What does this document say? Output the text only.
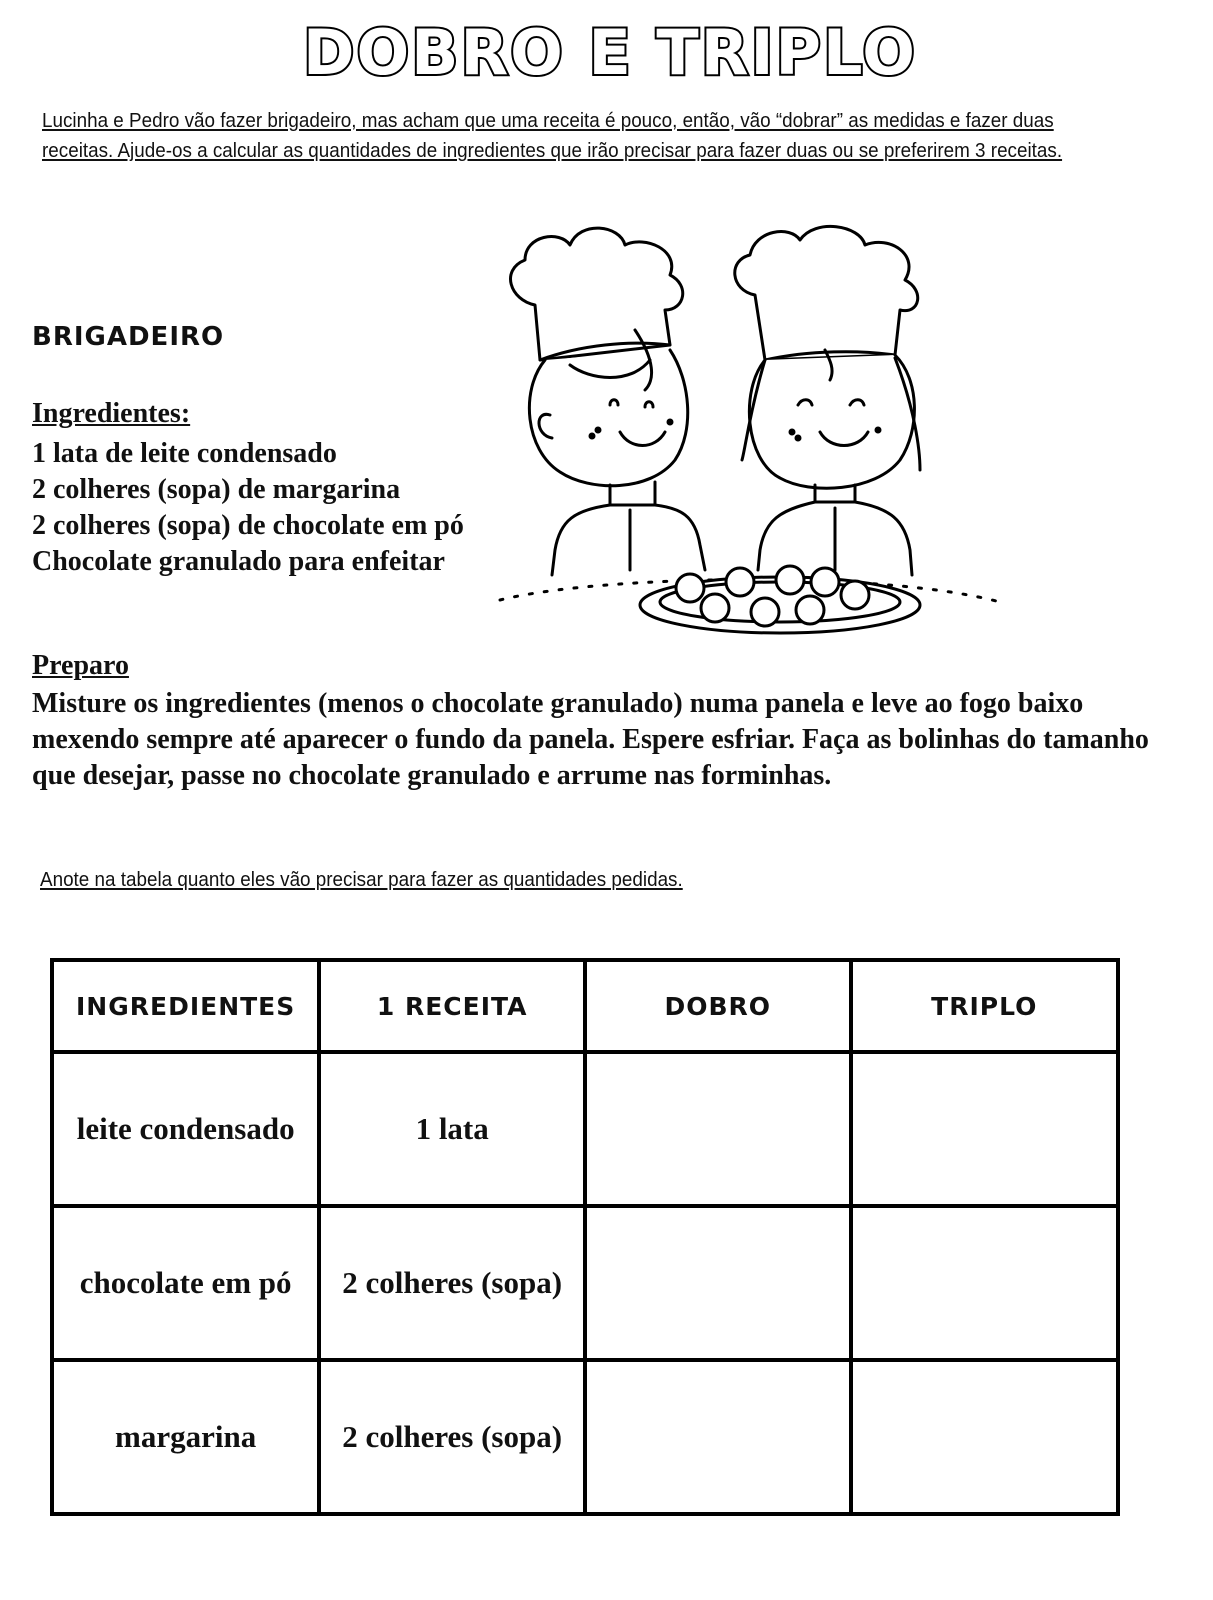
DOBRO E TRIPLO
Lucinha e Pedro vão fazer brigadeiro, mas acham que uma receita é pouco, então, vão “dobrar” as medidas e fazer duas receitas. Ajude-os a calcular as quantidades de ingredientes que irão precisar para fazer duas ou se preferirem 3 receitas.
BRIGADEIRO
Ingredientes:
1 lata de leite condensado
2 colheres (sopa) de margarina
2 colheres (sopa) de chocolate em pó
Chocolate granulado para enfeitar
Preparo
Misture os ingredientes (menos o chocolate granulado) numa panela e leve ao fogo baixo mexendo sempre até aparecer o fundo da panela. Espere esfriar. Faça as bolinhas do tamanho que desejar, passe no chocolate granulado e arrume nas forminhas.
Anote na tabela quanto eles vão precisar para fazer as quantidades pedidas.
INGREDIENTES	1 RECEITA	DOBRO	TRIPLO
leite condensado	1 lata		
chocolate em pó	2 colheres (sopa)		
margarina	2 colheres (sopa)		
